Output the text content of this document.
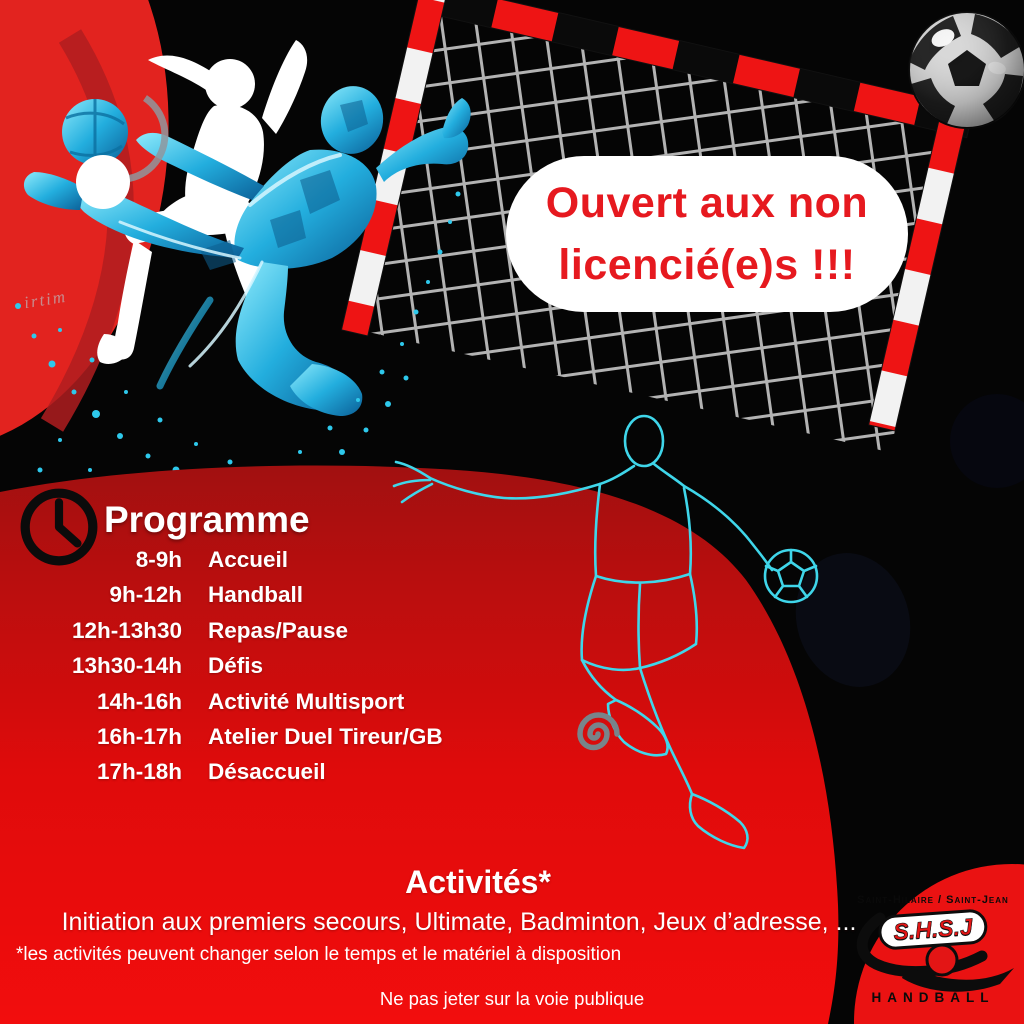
Ouvert aux non
licencié(e)s !!!
Programme
8-9h Accueil
9h-12h Handball
12h-13h30 Repas/Pause
13h30-14h Défis
14h-16h Activité Multisport
16h-17h Atelier Duel Tireur/GB
17h-18h Désaccueil
Activités*
Initiation aux premiers secours, Ultimate, Badminton, Jeux d’adresse, ...
*les activités peuvent changer selon le temps et le matériel à disposition
Ne pas jeter sur la voie publique
Saint-Hilaire / Saint-Jean
S.H.S.J
HANDBALL
irtim
